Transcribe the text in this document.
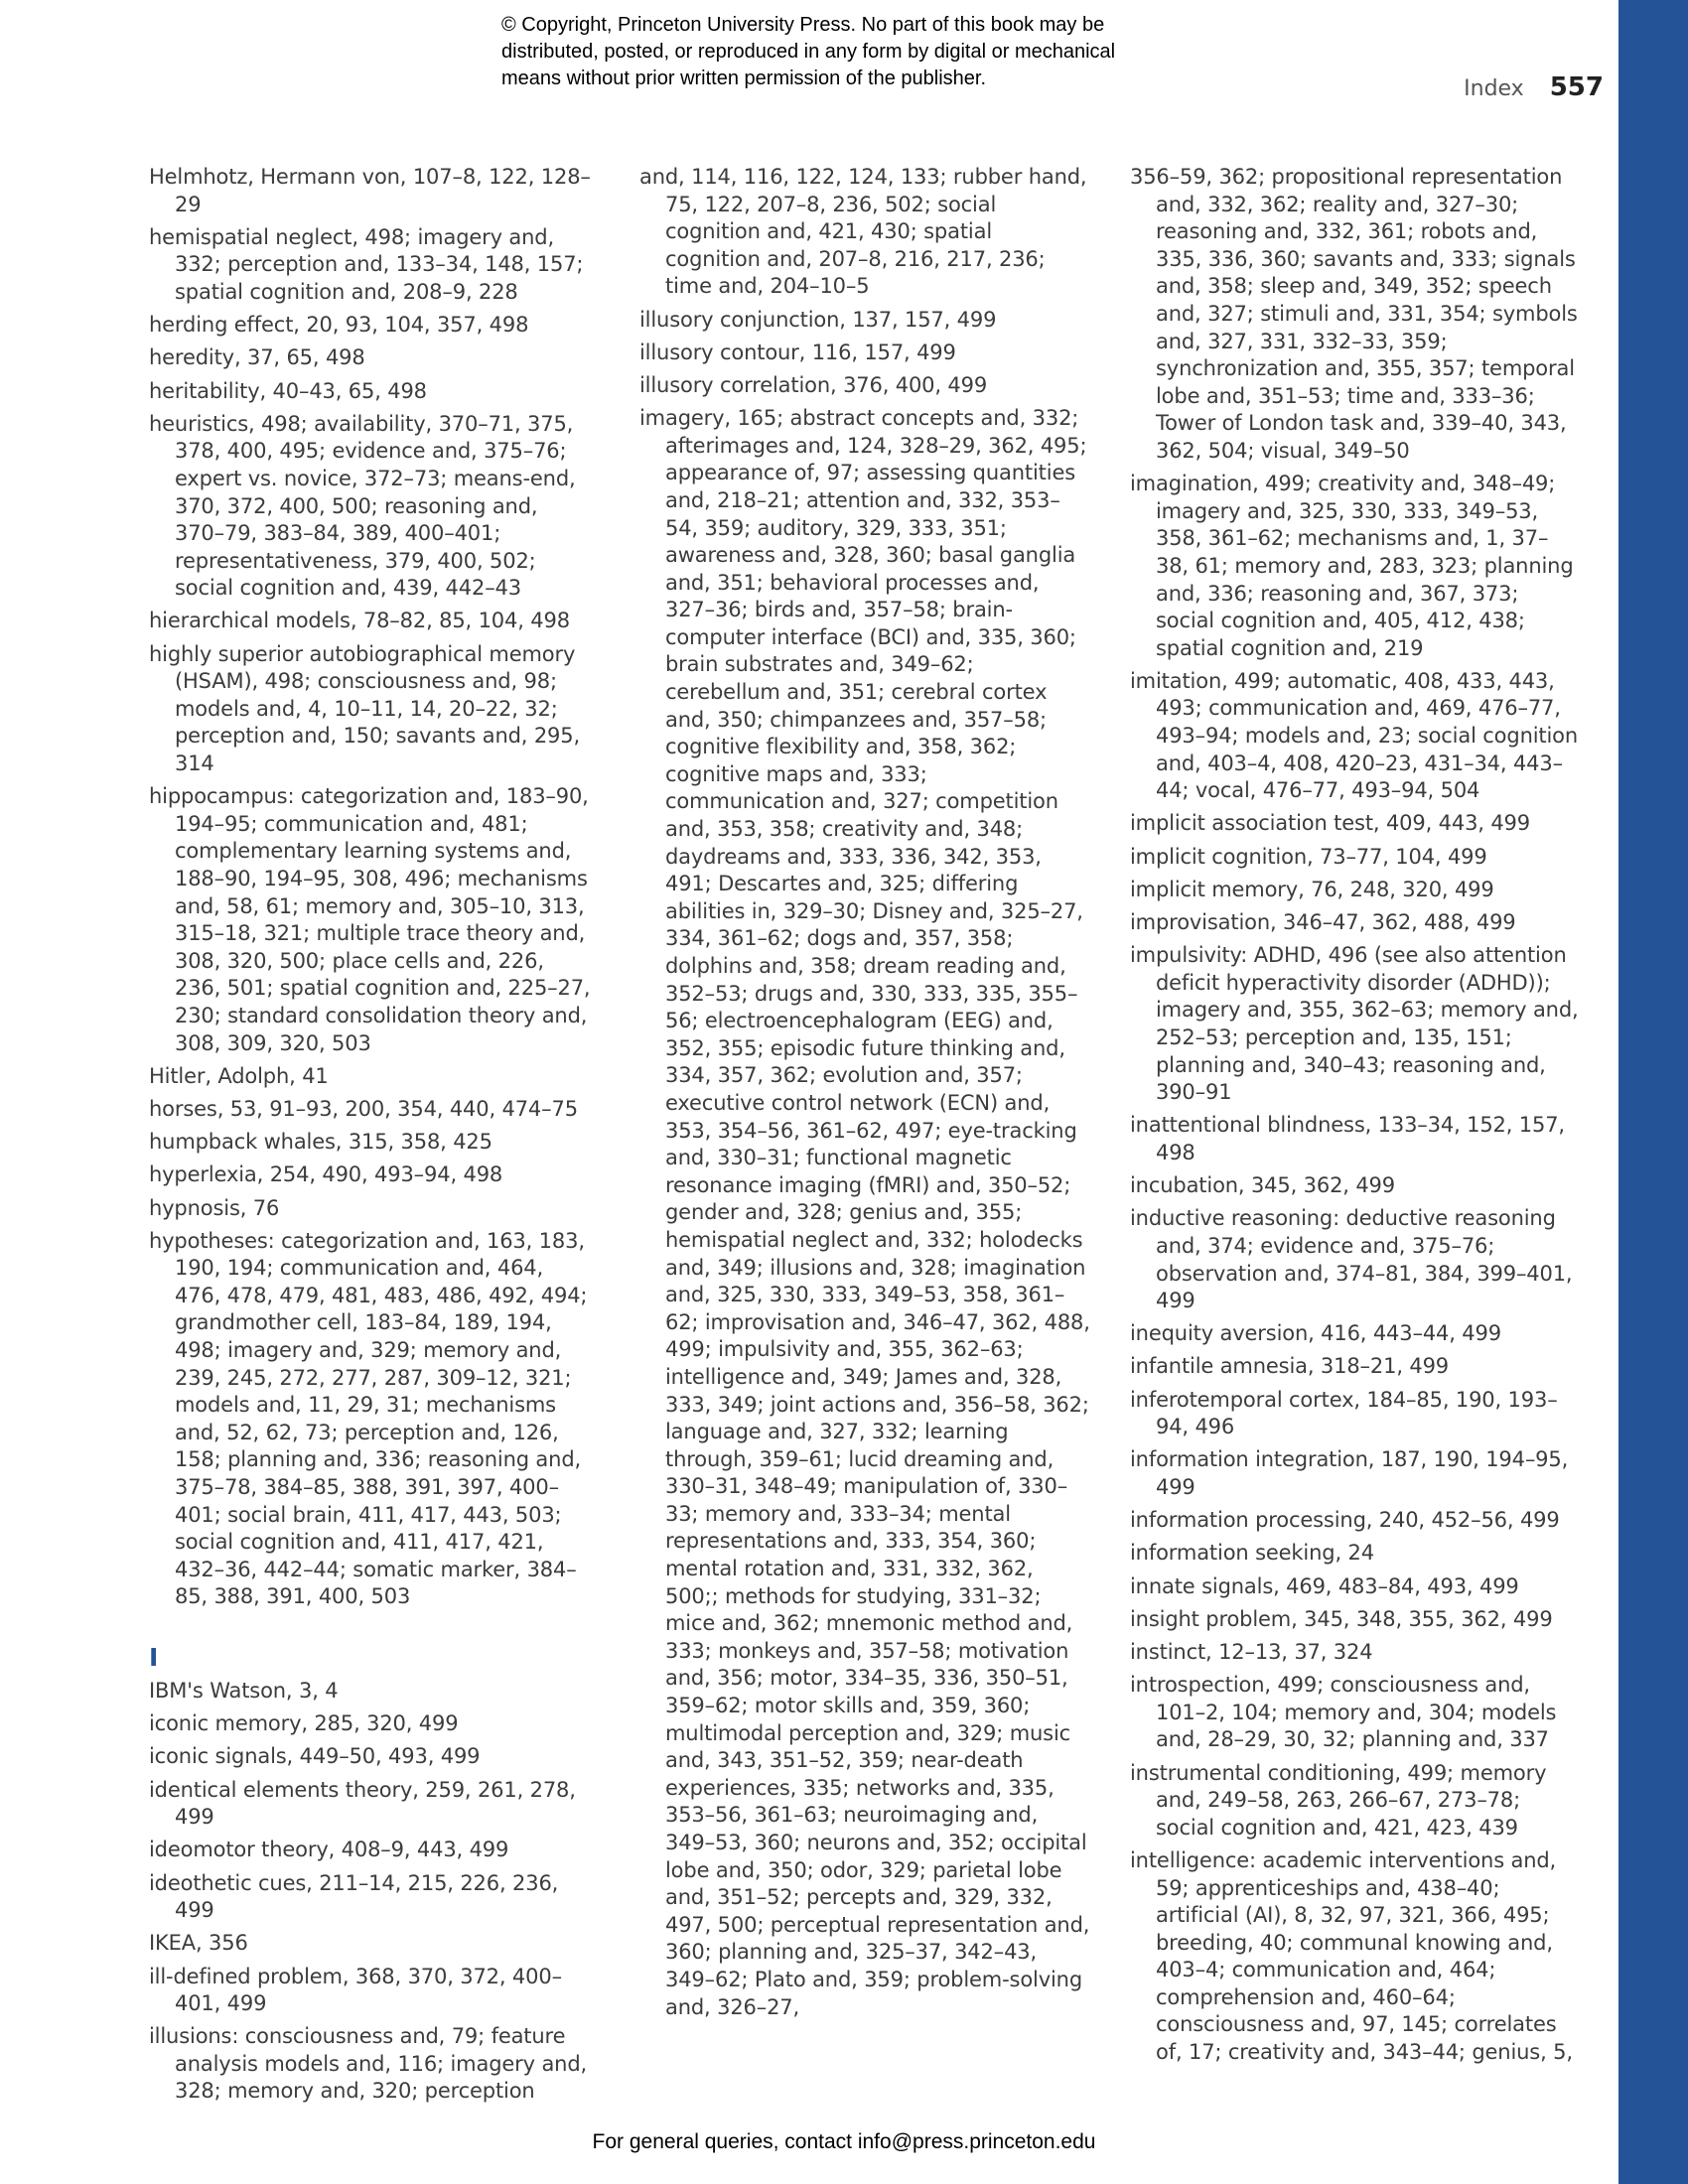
© Copyright, Princeton University Press. No part of this book may be
distributed, posted, or reproduced in any form by digital or mechanical
means without prior written permission of the publisher.	Index 557
Helmhotz, Hermann von, 107–8, 122, 128–29
hemispatial neglect, 498; imagery and, 332; perception and, 133–34, 148, 157; spatial cognition and, 208–9, 228
herding effect, 20, 93, 104, 357, 498
heredity, 37, 65, 498
heritability, 40–43, 65, 498
heuristics, 498; availability, 370–71, 375, 378, 400, 495; evidence and, 375–76; expert vs. novice, 372–73; means-end, 370, 372, 400, 500; reasoning and, 370–79, 383–84, 389, 400–401; representativeness, 379, 400, 502; social cognition and, 439, 442–43
hierarchical models, 78–82, 85, 104, 498
highly superior autobiographical memory (HSAM), 498; consciousness and, 98; models and, 4, 10–11, 14, 20–22, 32; perception and, 150; savants and, 295, 314
hippocampus: categorization and, 183–90, 194–95; communication and, 481; complementary learning systems and, 188–90, 194–95, 308, 496; mechanisms and, 58, 61; memory and, 305–10, 313, 315–18, 321; multiple trace theory and, 308, 320, 500; place cells and, 226, 236, 501; spatial cognition and, 225–27, 230; standard consolidation theory and, 308, 309, 320, 503
Hitler, Adolph, 41
horses, 53, 91–93, 200, 354, 440, 474–75
humpback whales, 315, 358, 425
hyperlexia, 254, 490, 493–94, 498
hypnosis, 76
hypotheses: categorization and, 163, 183, 190, 194; communication and, 464, 476, 478, 479, 481, 483, 486, 492, 494; grandmother cell, 183–84, 189, 194, 498; imagery and, 329; memory and, 239, 245, 272, 277, 287, 309–12, 321; models and, 11, 29, 31; mechanisms and, 52, 62, 73; perception and, 126, 158; planning and, 336; reasoning and, 375–78, 384–85, 388, 391, 397, 400–401; social brain, 411, 417, 443, 503; social cognition and, 411, 417, 421, 432–36, 442–44; somatic marker, 384–85, 388, 391, 400, 503
I
IBM's Watson, 3, 4
iconic memory, 285, 320, 499
iconic signals, 449–50, 493, 499
identical elements theory, 259, 261, 278, 499
ideomotor theory, 408–9, 443, 499
ideothetic cues, 211–14, 215, 226, 236, 499
IKEA, 356
ill-defined problem, 368, 370, 372, 400–401, 499
illusions: consciousness and, 79; feature analysis models and, 116; imagery and, 328; memory and, 320; perception
and, 114, 116, 122, 124, 133; rubber hand, 75, 122, 207–8, 236, 502; social cognition and, 421, 430; spatial cognition and, 207–8, 216, 217, 236; time and, 204–10–5
illusory conjunction, 137, 157, 499
illusory contour, 116, 157, 499
illusory correlation, 376, 400, 499
imagery, 165; abstract concepts and, 332; afterimages and, 124, 328–29, 362, 495; appearance of, 97; assessing quantities and, 218–21; attention and, 332, 353–54, 359; auditory, 329, 333, 351; awareness and, 328, 360; basal ganglia and, 351; behavioral processes and, 327–36; birds and, 357–58; brain-computer interface (BCI) and, 335, 360; brain substrates and, 349–62; cerebellum and, 351; cerebral cortex and, 350; chimpanzees and, 357–58; cognitive flexibility and, 358, 362; cognitive maps and, 333; communication and, 327; competition and, 353, 358; creativity and, 348; daydreams and, 333, 336, 342, 353, 491; Descartes and, 325; differing abilities in, 329–30; Disney and, 325–27, 334, 361–62; dogs and, 357, 358; dolphins and, 358; dream reading and, 352–53; drugs and, 330, 333, 335, 355–56; electroencephalogram (EEG) and, 352, 355; episodic future thinking and, 334, 357, 362; evolution and, 357; executive control network (ECN) and, 353, 354–56, 361–62, 497; eye-tracking and, 330–31; functional magnetic resonance imaging (fMRI) and, 350–52; gender and, 328; genius and, 355; hemispatial neglect and, 332; holodecks and, 349; illusions and, 328; imagination and, 325, 330, 333, 349–53, 358, 361–62; improvisation and, 346–47, 362, 488, 499; impulsivity and, 355, 362–63; intelligence and, 349; James and, 328, 333, 349; joint actions and, 356–58, 362; language and, 327, 332; learning through, 359–61; lucid dreaming and, 330–31, 348–49; manipulation of, 330–33; memory and, 333–34; mental representations and, 333, 354, 360; mental rotation and, 331, 332, 362, 500;; methods for studying, 331–32; mice and, 362; mnemonic method and, 333; monkeys and, 357–58; motivation and, 356; motor, 334–35, 336, 350–51, 359–62; motor skills and, 359, 360; multimodal perception and, 329; music and, 343, 351–52, 359; near-death experiences, 335; networks and, 335, 353–56, 361–63; neuroimaging and, 349–53, 360; neurons and, 352; occipital lobe and, 350; odor, 329; parietal lobe and, 351–52; percepts and, 329, 332, 497, 500; perceptual representation and, 360; planning and, 325–37, 342–43, 349–62; Plato and, 359; problem-solving and, 326–27,
356–59, 362; propositional representation and, 332, 362; reality and, 327–30; reasoning and, 332, 361; robots and, 335, 336, 360; savants and, 333; signals and, 358; sleep and, 349, 352; speech and, 327; stimuli and, 331, 354; symbols and, 327, 331, 332–33, 359; synchronization and, 355, 357; temporal lobe and, 351–53; time and, 333–36; Tower of London task and, 339–40, 343, 362, 504; visual, 349–50
imagination, 499; creativity and, 348–49; imagery and, 325, 330, 333, 349–53, 358, 361–62; mechanisms and, 1, 37–38, 61; memory and, 283, 323; planning and, 336; reasoning and, 367, 373; social cognition and, 405, 412, 438; spatial cognition and, 219
imitation, 499; automatic, 408, 433, 443, 493; communication and, 469, 476–77, 493–94; models and, 23; social cognition and, 403–4, 408, 420–23, 431–34, 443–44; vocal, 476–77, 493–94, 504
implicit association test, 409, 443, 499
implicit cognition, 73–77, 104, 499
implicit memory, 76, 248, 320, 499
improvisation, 346–47, 362, 488, 499
impulsivity: ADHD, 496 (see also attention deficit hyperactivity disorder (ADHD)); imagery and, 355, 362–63; memory and, 252–53; perception and, 135, 151; planning and, 340–43; reasoning and, 390–91
inattentional blindness, 133–34, 152, 157, 498
incubation, 345, 362, 499
inductive reasoning: deductive reasoning and, 374; evidence and, 375–76; observation and, 374–81, 384, 399–401, 499
inequity aversion, 416, 443–44, 499
infantile amnesia, 318–21, 499
inferotemporal cortex, 184–85, 190, 193–94, 496
information integration, 187, 190, 194–95, 499
information processing, 240, 452–56, 499
information seeking, 24
innate signals, 469, 483–84, 493, 499
insight problem, 345, 348, 355, 362, 499
instinct, 12–13, 37, 324
introspection, 499; consciousness and, 101–2, 104; memory and, 304; models and, 28–29, 30, 32; planning and, 337
instrumental conditioning, 499; memory and, 249–58, 263, 266–67, 273–78; social cognition and, 421, 423, 439
intelligence: academic interventions and, 59; apprenticeships and, 438–40; artificial (AI), 8, 32, 97, 321, 366, 495; breeding, 40; communal knowing and, 403–4; communication and, 464; comprehension and, 460–64; consciousness and, 97, 145; correlates of, 17; creativity and, 343–44; genius, 5,
For general queries, contact info@press.princeton.edu
